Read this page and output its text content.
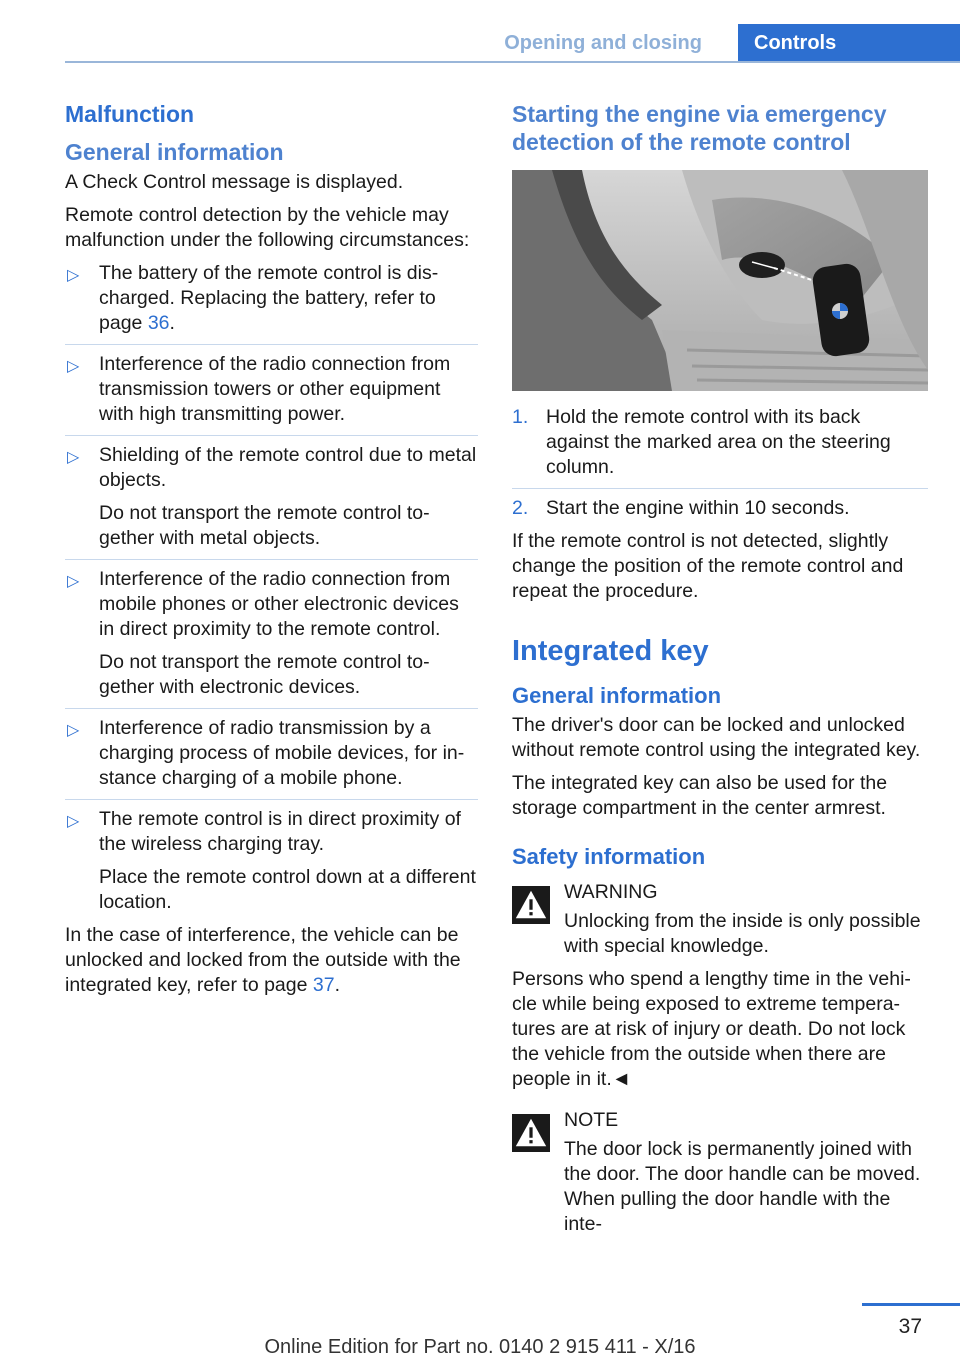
Opening and closing	Controls
Malfunction
General information

A Check Control message is displayed.

Remote control detection by the vehicle may malfunction under the following circumstances:

▷ The battery of the remote control is discharged. Replacing the battery, refer to page 36.

▷ Interference of the radio connection from transmission towers or other equipment with high transmitting power.

▷ Shielding of the remote control due to metal objects.

Do not transport the remote control together with metal objects.

▷ Interference of the radio connection from mobile phones or other electronic devices in direct proximity to the remote control.

Do not transport the remote control together with electronic devices.

▷ Interference of radio transmission by a charging process of mobile devices, for instance charging of a mobile phone.

▷ The remote control is in direct proximity of the wireless charging tray.

Place the remote control down at a different location.

In the case of interference, the vehicle can be unlocked and locked from the outside with the integrated key, refer to page 37.

Starting the engine via emergency detection of the remote control
1. Hold the remote control with its back against the marked area on the steering column.

2. Start the engine within 10 seconds.

If the remote control is not detected, slightly change the position of the remote control and repeat the procedure.

Integrated key
General information

The driver's door can be locked and unlocked without remote control using the integrated key.

The integrated key can also be used for the storage compartment in the center armrest.

Safety information

WARNING

Unlocking from the inside is only possible with special knowledge.

Persons who spend a lengthy time in the vehicle while being exposed to extreme temperatures are at risk of injury or death. Do not lock the vehicle from the outside when there are people in it.◄

NOTE

The door lock is permanently joined with the door. The door handle can be moved. When pulling the door handle with the inte-

37
Online Edition for Part no. 0140 2 915 411 - X/16
